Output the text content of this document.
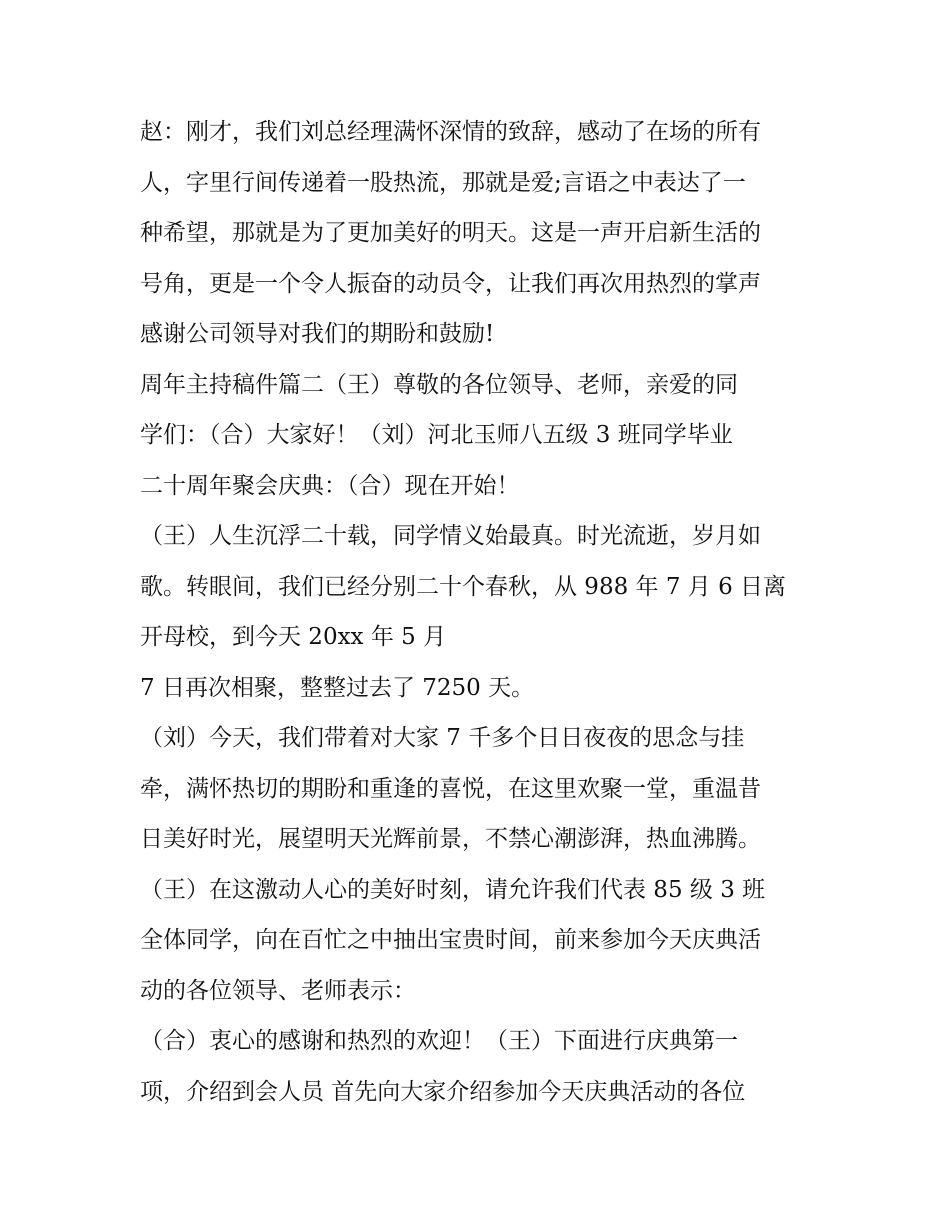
赵：刚才，我们刘总经理满怀深情的致辞，感动了在场的所有
人，字里行间传递着一股热流，那就是爱;言语之中表达了一
种希望，那就是为了更加美好的明天。这是一声开启新生活的
号角，更是一个令人振奋的动员令，让我们再次用热烈的掌声
感谢公司领导对我们的期盼和鼓励!
周年主持稿件篇二（王）尊敬的各位领导、老师，亲爱的同
学们：（合）大家好！（刘）河北玉师八五级 3 班同学毕业
二十周年聚会庆典：（合）现在开始！
（王）人生沉浮二十载，同学情义始最真。时光流逝，岁月如
歌。转眼间，我们已经分别二十个春秋，从 988 年 7 月 6 日离
开母校，到今天 20xx 年 5 月
7 日再次相聚，整整过去了 7250 天。
（刘）今天，我们带着对大家 7 千多个日日夜夜的思念与挂
牵，满怀热切的期盼和重逢的喜悦，在这里欢聚一堂，重温昔
日美好时光，展望明天光辉前景，不禁心潮澎湃，热血沸腾。
（王）在这激动人心的美好时刻，请允许我们代表 85 级 3 班
全体同学，向在百忙之中抽出宝贵时间，前来参加今天庆典活
动的各位领导、老师表示：
（合）衷心的感谢和热烈的欢迎！（王）下面进行庆典第一
项，介绍到会人员 首先向大家介绍参加今天庆典活动的各位
